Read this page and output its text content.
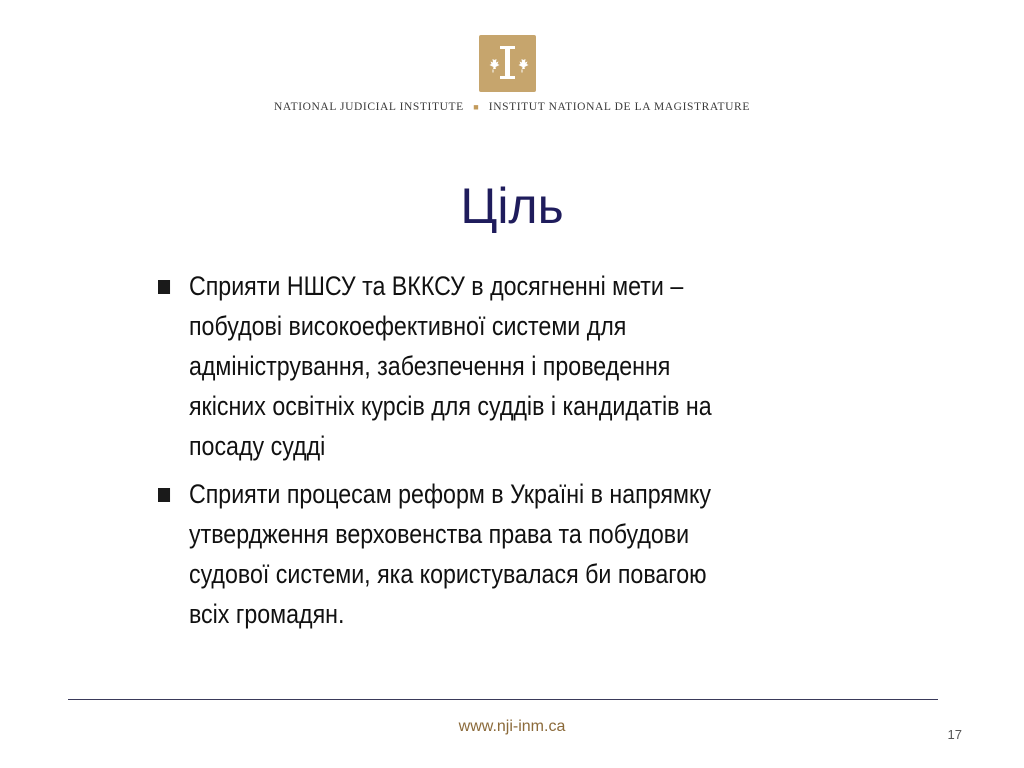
NATIONAL JUDICIAL INSTITUTE ■ INSTITUT NATIONAL DE LA MAGISTRATURE
Ціль
Сприяти НШСУ та ВККСУ в досягненні мети –
побудові високоефективної системи для
адміністрування, забезпечення і проведення
якісних освітніх курсів для суддів і кандидатів на
посаду судді
Сприяти процесам реформ в Україні в напрямку
утвердження верховенства права та побудови
судової системи, яка користувалася би повагою
всіх громадян.
www.nji-inm.ca	17
